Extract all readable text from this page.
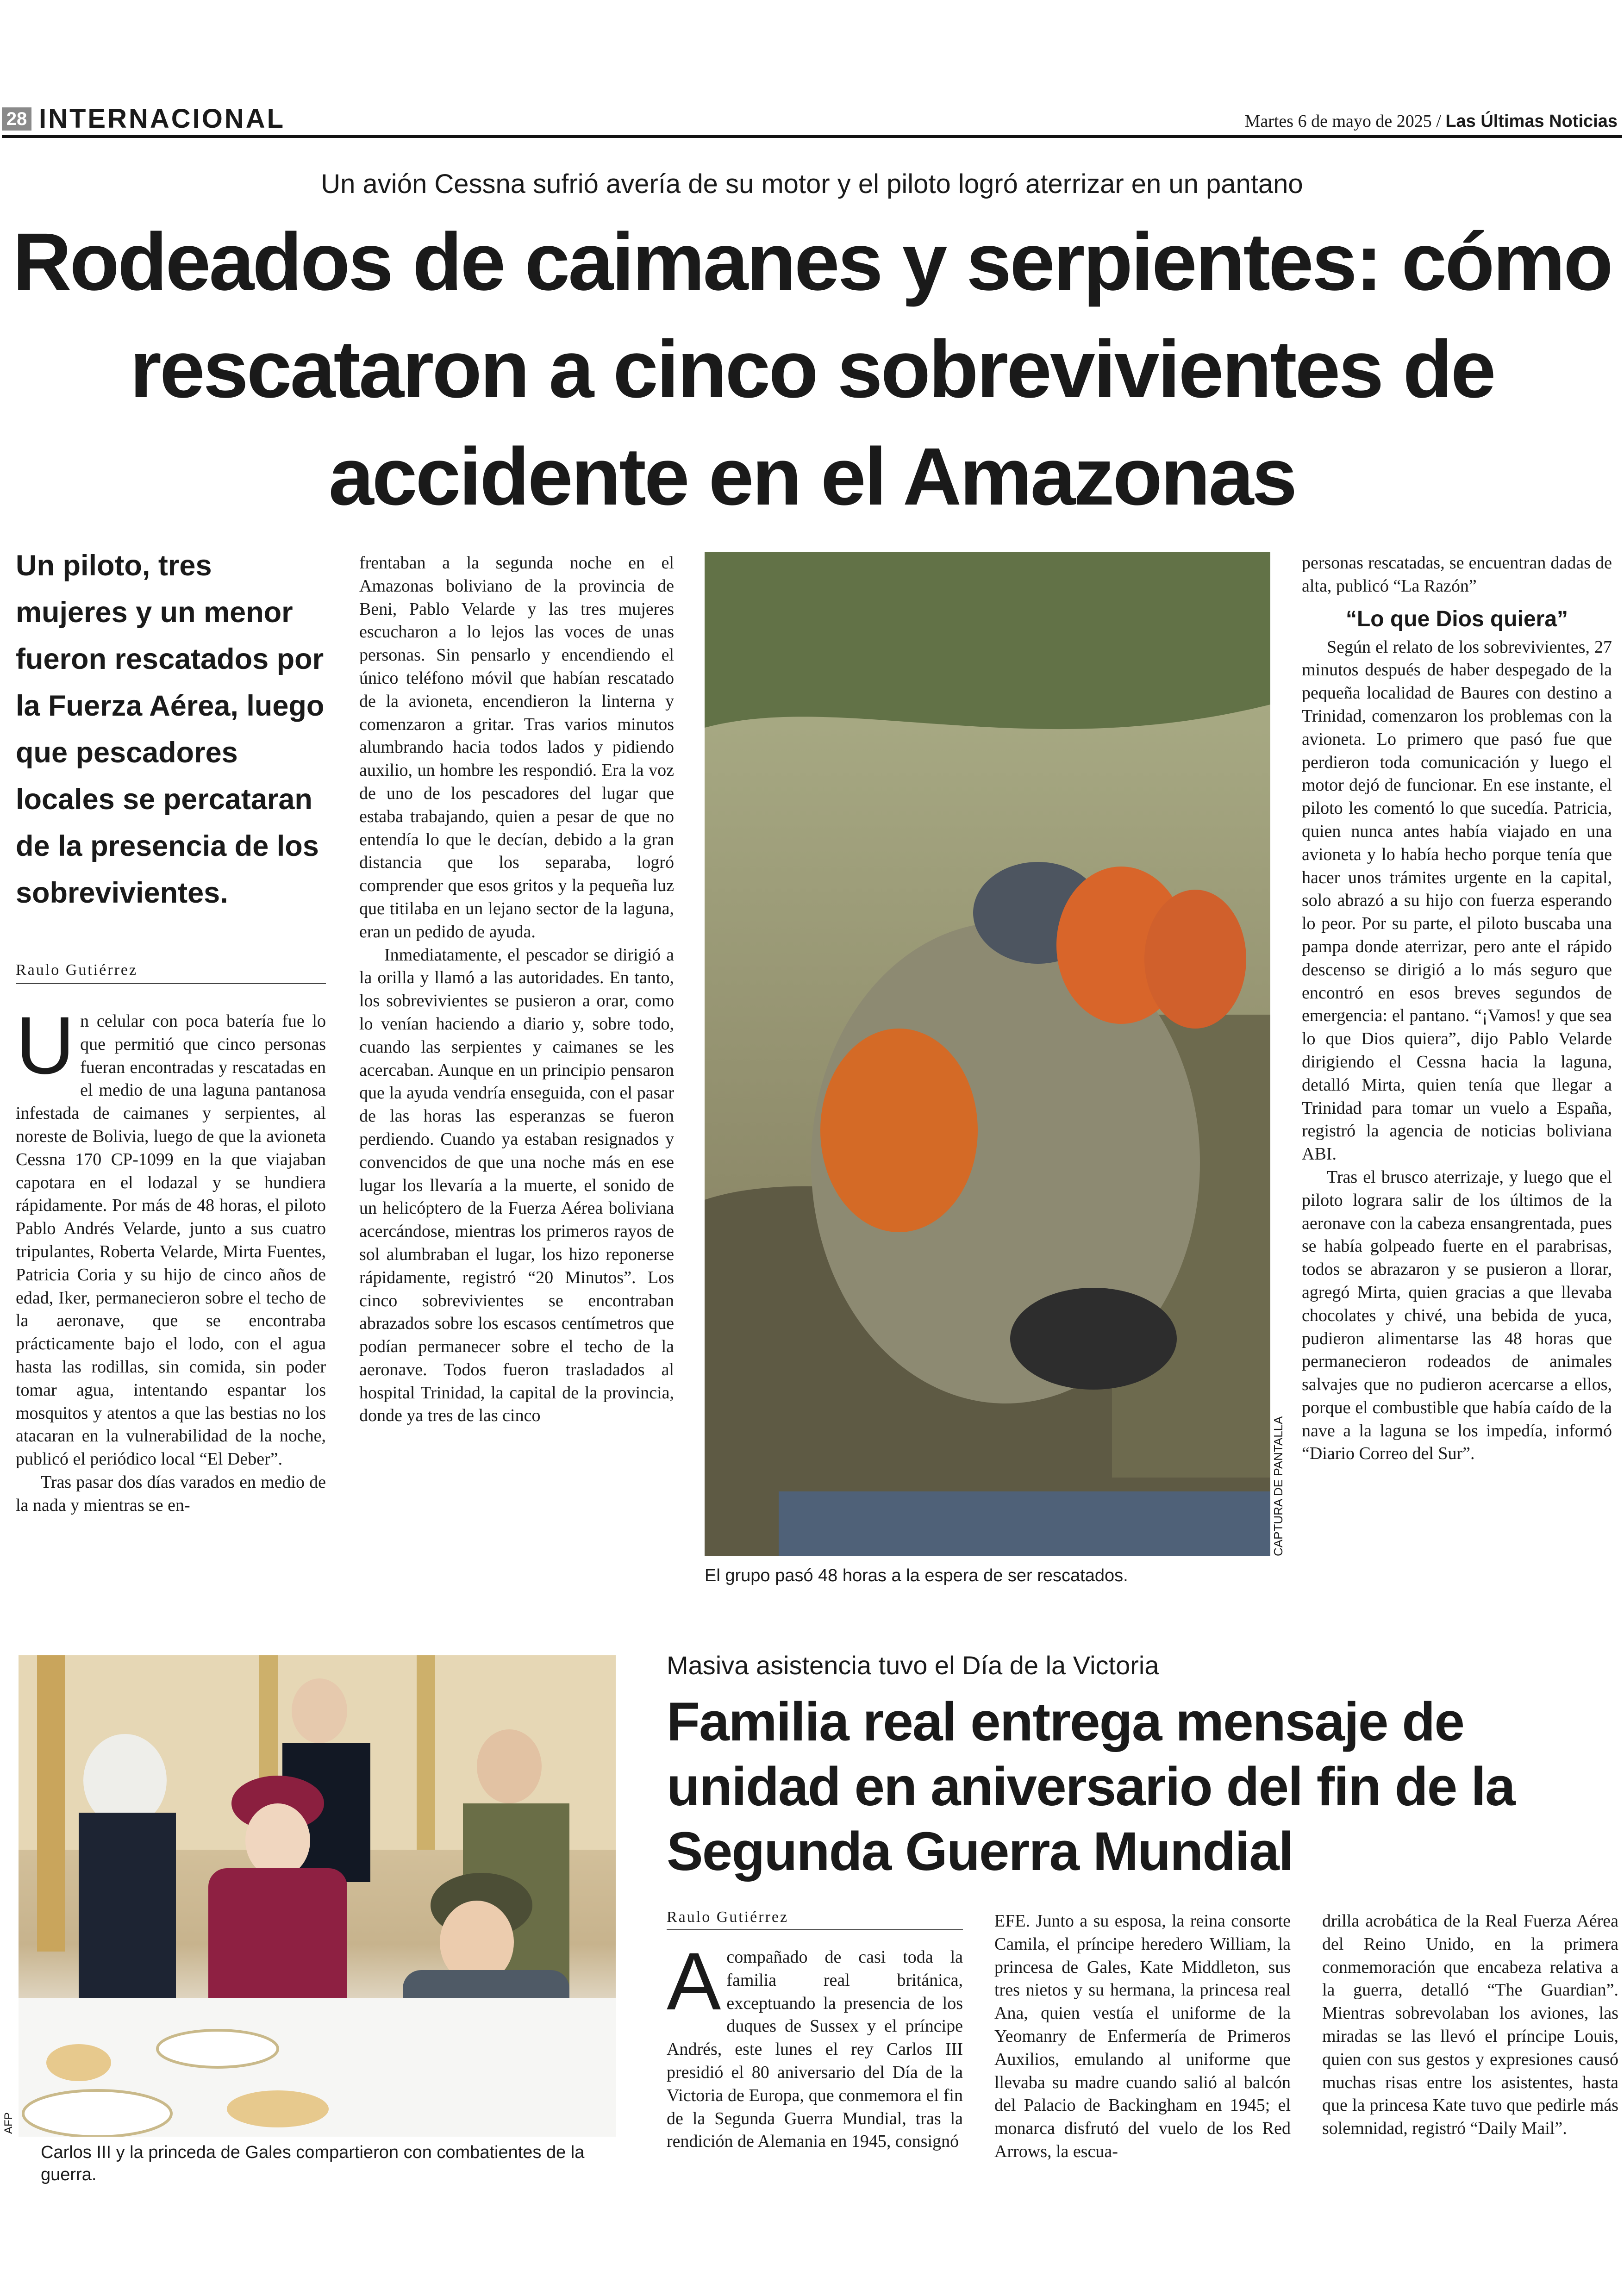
28 INTERNACIONAL	Martes 6 de mayo de 2025 / Las Últimas Noticias
Un avión Cessna sufrió avería de su motor y el piloto logró aterrizar en un pantano
Rodeados de caimanes y serpientes: cómo rescataron a cinco sobrevivientes de accidente en el Amazonas
Un piloto, tres mujeres y un menor fueron rescatados por la Fuerza Aérea, luego que pescadores locales se percataran de la presencia de los sobrevivientes.
Raulo Gutiérrez

Un celular con poca batería fue lo que permitió que cinco personas fueran encontradas y rescatadas en el medio de una laguna pantanosa infestada de caimanes y serpientes, al noreste de Bolivia, luego de que la avioneta Cessna 170 CP-1099 en la que viajaban capotara en el lodazal y se hundiera rápidamente. Por más de 48 horas, el piloto Pablo Andrés Velarde, junto a sus cuatro tripulantes, Roberta Velarde, Mirta Fuentes, Patricia Coria y su hijo de cinco años de edad, Iker, permanecieron sobre el techo de la aeronave, que se encontraba prácticamente bajo el lodo, con el agua hasta las rodillas, sin comida, sin poder tomar agua, intentando espantar los mosquitos y atentos a que las bestias no los atacaran en la vulnerabilidad de la noche, publicó el periódico local “El Deber”.

Tras pasar dos días varados en medio de la nada y mientras se en-

frentaban a la segunda noche en el Amazonas boliviano de la provincia de Beni, Pablo Velarde y las tres mujeres escucharon a lo lejos las voces de unas personas. Sin pensarlo y encendiendo el único teléfono móvil que habían rescatado de la avioneta, encendieron la linterna y comenzaron a gritar. Tras varios minutos alumbrando hacia todos lados y pidiendo auxilio, un hombre les respondió. Era la voz de uno de los pescadores del lugar que estaba trabajando, quien a pesar de que no entendía lo que le decían, debido a la gran distancia que los separaba, logró comprender que esos gritos y la pequeña luz que titilaba en un lejano sector de la laguna, eran un pedido de ayuda.

Inmediatamente, el pescador se dirigió a la orilla y llamó a las autoridades. En tanto, los sobrevivientes se pusieron a orar, como lo venían haciendo a diario y, sobre todo, cuando las serpientes y caimanes se les acercaban. Aunque en un principio pensaron que la ayuda vendría enseguida, con el pasar de las horas las esperanzas se fueron perdiendo. Cuando ya estaban resignados y convencidos de que una noche más en ese lugar los llevaría a la muerte, el sonido de un helicóptero de la Fuerza Aérea boliviana acercándose, mientras los primeros rayos de sol alumbraban el lugar, los hizo reponerse rápidamente, registró “20 Minutos”. Los cinco sobrevivientes se encontraban abrazados sobre los escasos centímetros que podían permanecer sobre el techo de la aeronave. Todos fueron trasladados al hospital Trinidad, la capital de la provincia, donde ya tres de las cinco

CAPTURA DE PANTALLA
El grupo pasó 48 horas a la espera de ser rescatados.

personas rescatadas, se encuentran dadas de alta, publicó “La Razón”

“Lo que Dios quiera”

Según el relato de los sobrevivientes, 27 minutos después de haber despegado de la pequeña localidad de Baures con destino a Trinidad, comenzaron los problemas con la avioneta. Lo primero que pasó fue que perdieron toda comunicación y luego el motor dejó de funcionar. En ese instante, el piloto les comentó lo que sucedía. Patricia, quien nunca antes había viajado en una avioneta y lo había hecho porque tenía que hacer unos trámites urgente en la capital, solo abrazó a su hijo con fuerza esperando lo peor. Por su parte, el piloto buscaba una pampa donde aterrizar, pero ante el rápido descenso se dirigió a lo más seguro que encontró en esos breves segundos de emergencia: el pantano. “¡Vamos! y que sea lo que Dios quiera”, dijo Pablo Velarde dirigiendo el Cessna hacia la laguna, detalló Mirta, quien tenía que llegar a Trinidad para tomar un vuelo a España, registró la agencia de noticias boliviana ABI.

Tras el brusco aterrizaje, y luego que el piloto lograra salir de los últimos de la aeronave con la cabeza ensangrentada, pues se había golpeado fuerte en el parabrisas, todos se abrazaron y se pusieron a llorar, agregó Mirta, quien gracias a que llevaba chocolates y chivé, una bebida de yuca, pudieron alimentarse las 48 horas que permanecieron rodeados de animales salvajes que no pudieron acercarse a ellos, porque el combustible que había caído de la nave a la laguna se los impedía, informó “Diario Correo del Sur”.

AFP
Carlos III y la princeda de Gales compartieron con combatientes de la guerra.
Masiva asistencia tuvo el Día de la Victoria
Familia real entrega mensaje de unidad en aniversario del fin de la Segunda Guerra Mundial
Raulo Gutiérrez

Acompañado de casi toda la familia real británica, exceptuando la presencia de los duques de Sussex y el príncipe Andrés, este lunes el rey Carlos III presidió el 80 aniversario del Día de la Victoria de Europa, que conmemora el fin de la Segunda Guerra Mundial, tras la rendición de Alemania en 1945, consignó

EFE. Junto a su esposa, la reina consorte Camila, el príncipe heredero William, la princesa de Gales, Kate Middleton, sus tres nietos y su hermana, la princesa real Ana, quien vestía el uniforme de la Yeomanry de Enfermería de Primeros Auxilios, emulando al uniforme que llevaba su madre cuando salió al balcón del Palacio de Backingham en 1945; el monarca disfrutó del vuelo de los Red Arrows, la escua-

drilla acrobática de la Real Fuerza Aérea del Reino Unido, en la primera conmemoración que encabeza relativa a la guerra, detalló “The Guardian”. Mientras sobrevolaban los aviones, las miradas se las llevó el príncipe Louis, quien con sus gestos y expresiones causó muchas risas entre los asistentes, hasta que la princesa Kate tuvo que pedirle más solemnidad, registró “Daily Mail”.
